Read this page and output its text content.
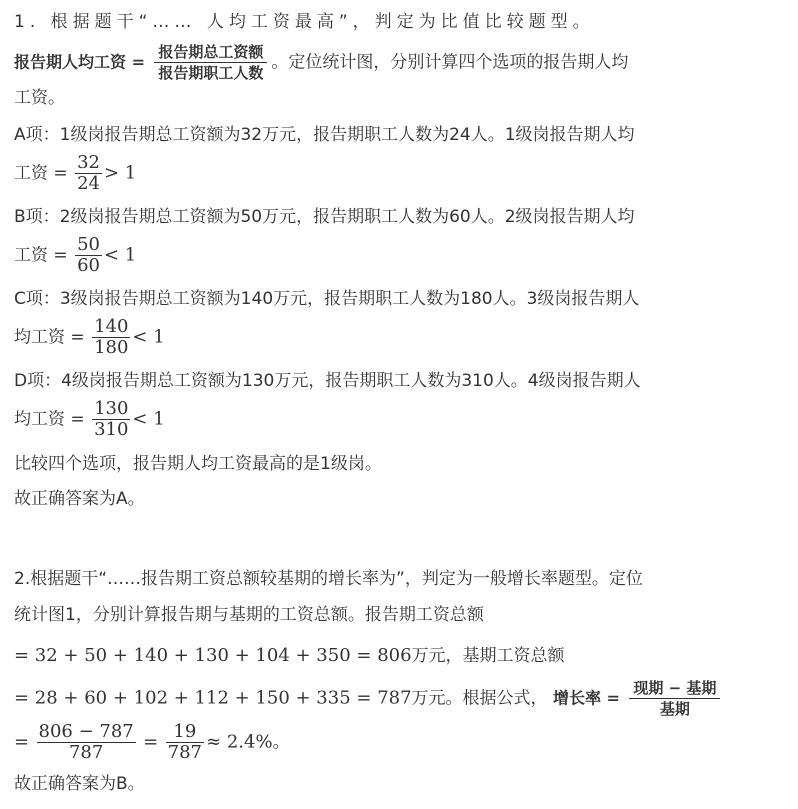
1. 根据题干“…… 人均工资最高”，判定为比值比较题型。
报告期人均工资 = $\frac{\text{报告期总工资额}}{\text{报告期职工人数}}$ 。定位统计图，分别计算四个选项的报告期人均
工资。
A项：1级岗报告期总工资额为32万元，报告期职工人数为24人。1级岗报告期人均
工资 = $\frac{32}{24} > 1$
B项：2级岗报告期总工资额为50万元，报告期职工人数为60人。2级岗报告期人均
工资 = $\frac{50}{60} < 1$
C项：3级岗报告期总工资额为140万元，报告期职工人数为180人。3级岗报告期人
均工资 = $\frac{140}{180} < 1$
D项：4级岗报告期总工资额为130万元，报告期职工人数为310人。4级岗报告期人
均工资 = $\frac{130}{310} < 1$
比较四个选项，报告期人均工资最高的是1级岗。
故正确答案为A。
2.根据题干“……报告期工资总额较基期的增长率为”，判定为一般增长率题型。定位
统计图1，分别计算报告期与基期的工资总额。报告期工资总额
= 32 + 50 + 140 + 130 + 104 + 350 = 806万元，基期工资总额
= 28 + 60 + 102 + 112 + 150 + 335 = 787万元。根据公式， 增长率 = $\frac{\text{现期 − 基期}}{\text{基期}}$
= $\frac{806 - 787}{787} = \frac{19}{787} \approx 2.4\%$。
故正确答案为B。
